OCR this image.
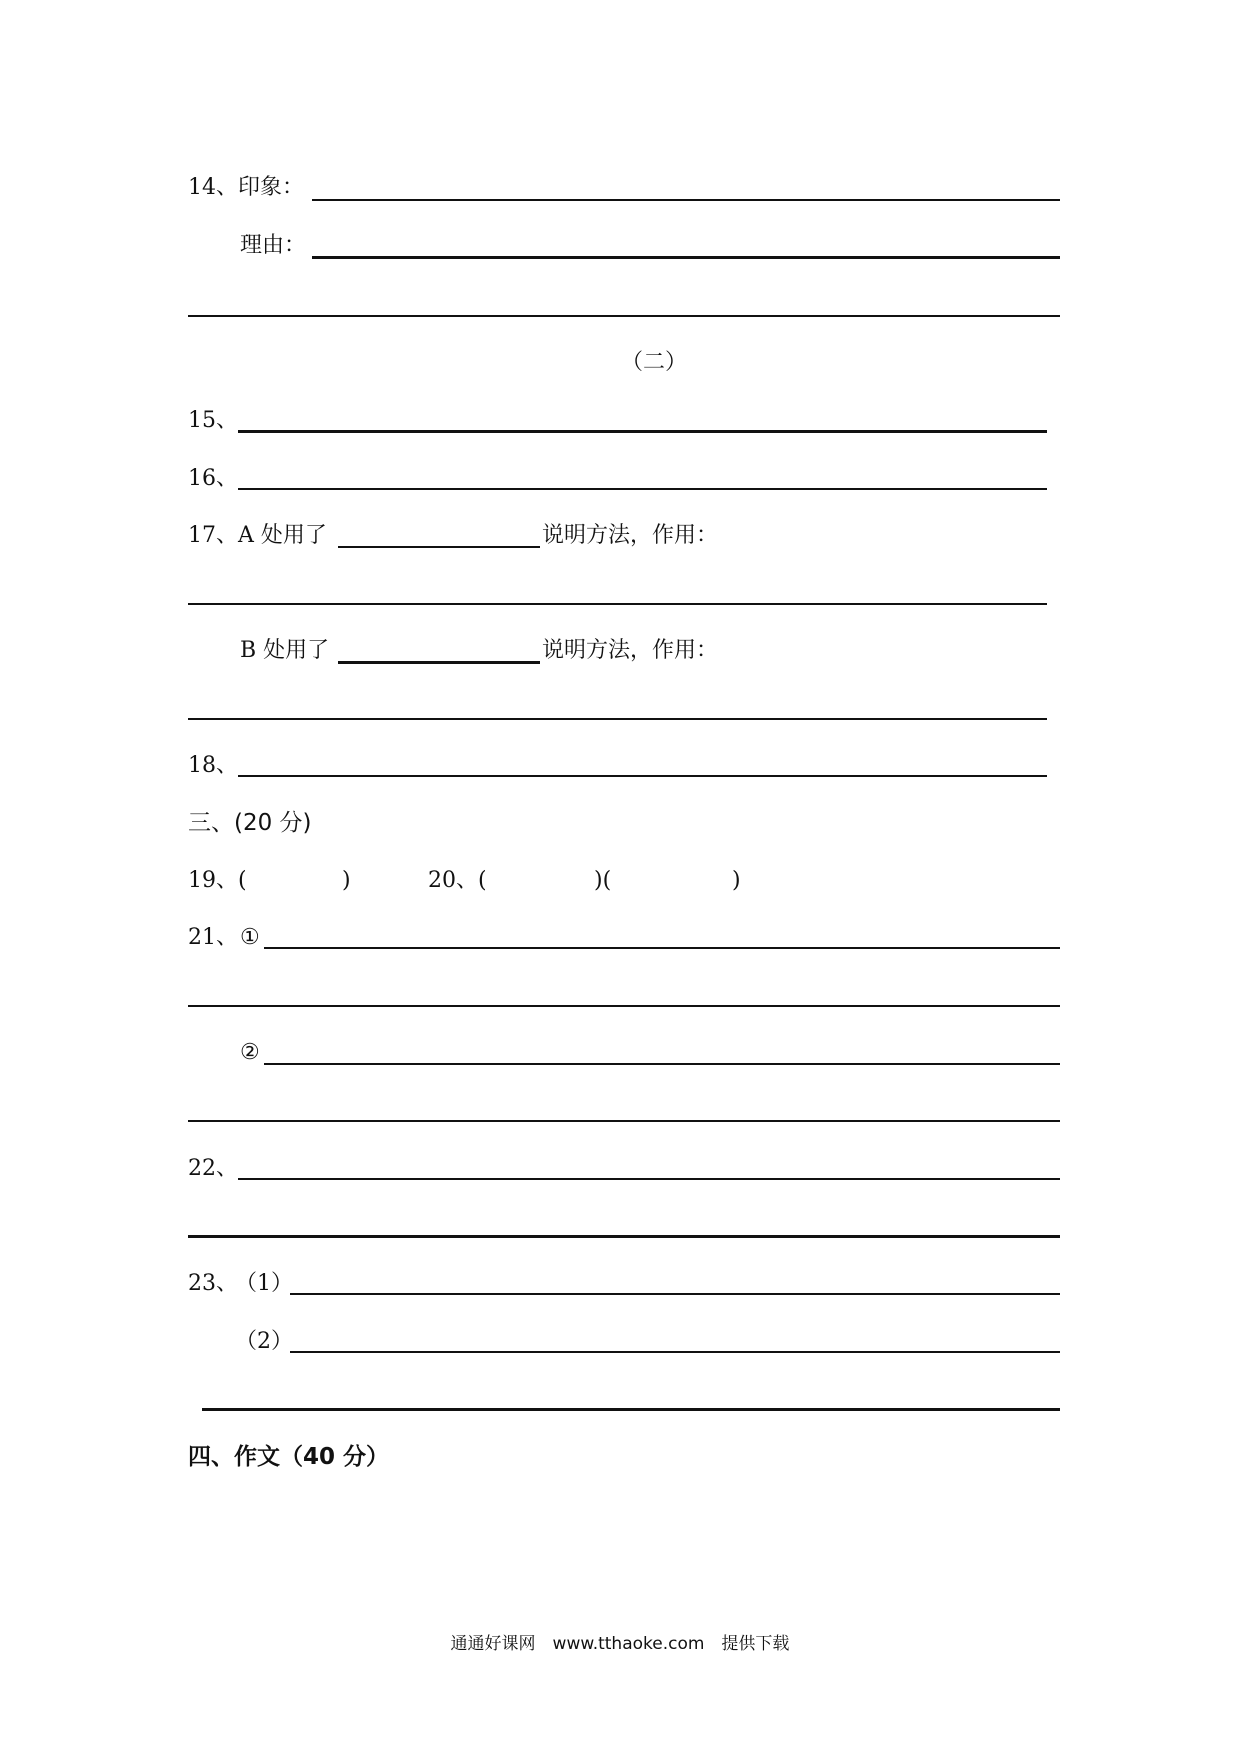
14、印象：
理由：
（二）
15、
16、
17、A 处用了	说明方法，作用：
B 处用了	说明方法，作用：
18、
三、(20 分)
19、(	)	20、(	)(	)
21、 ①
②
22、
23、
（1）
（2）
四、作文（40 分）
通通好课网　www.tthaoke.com　提供下载
